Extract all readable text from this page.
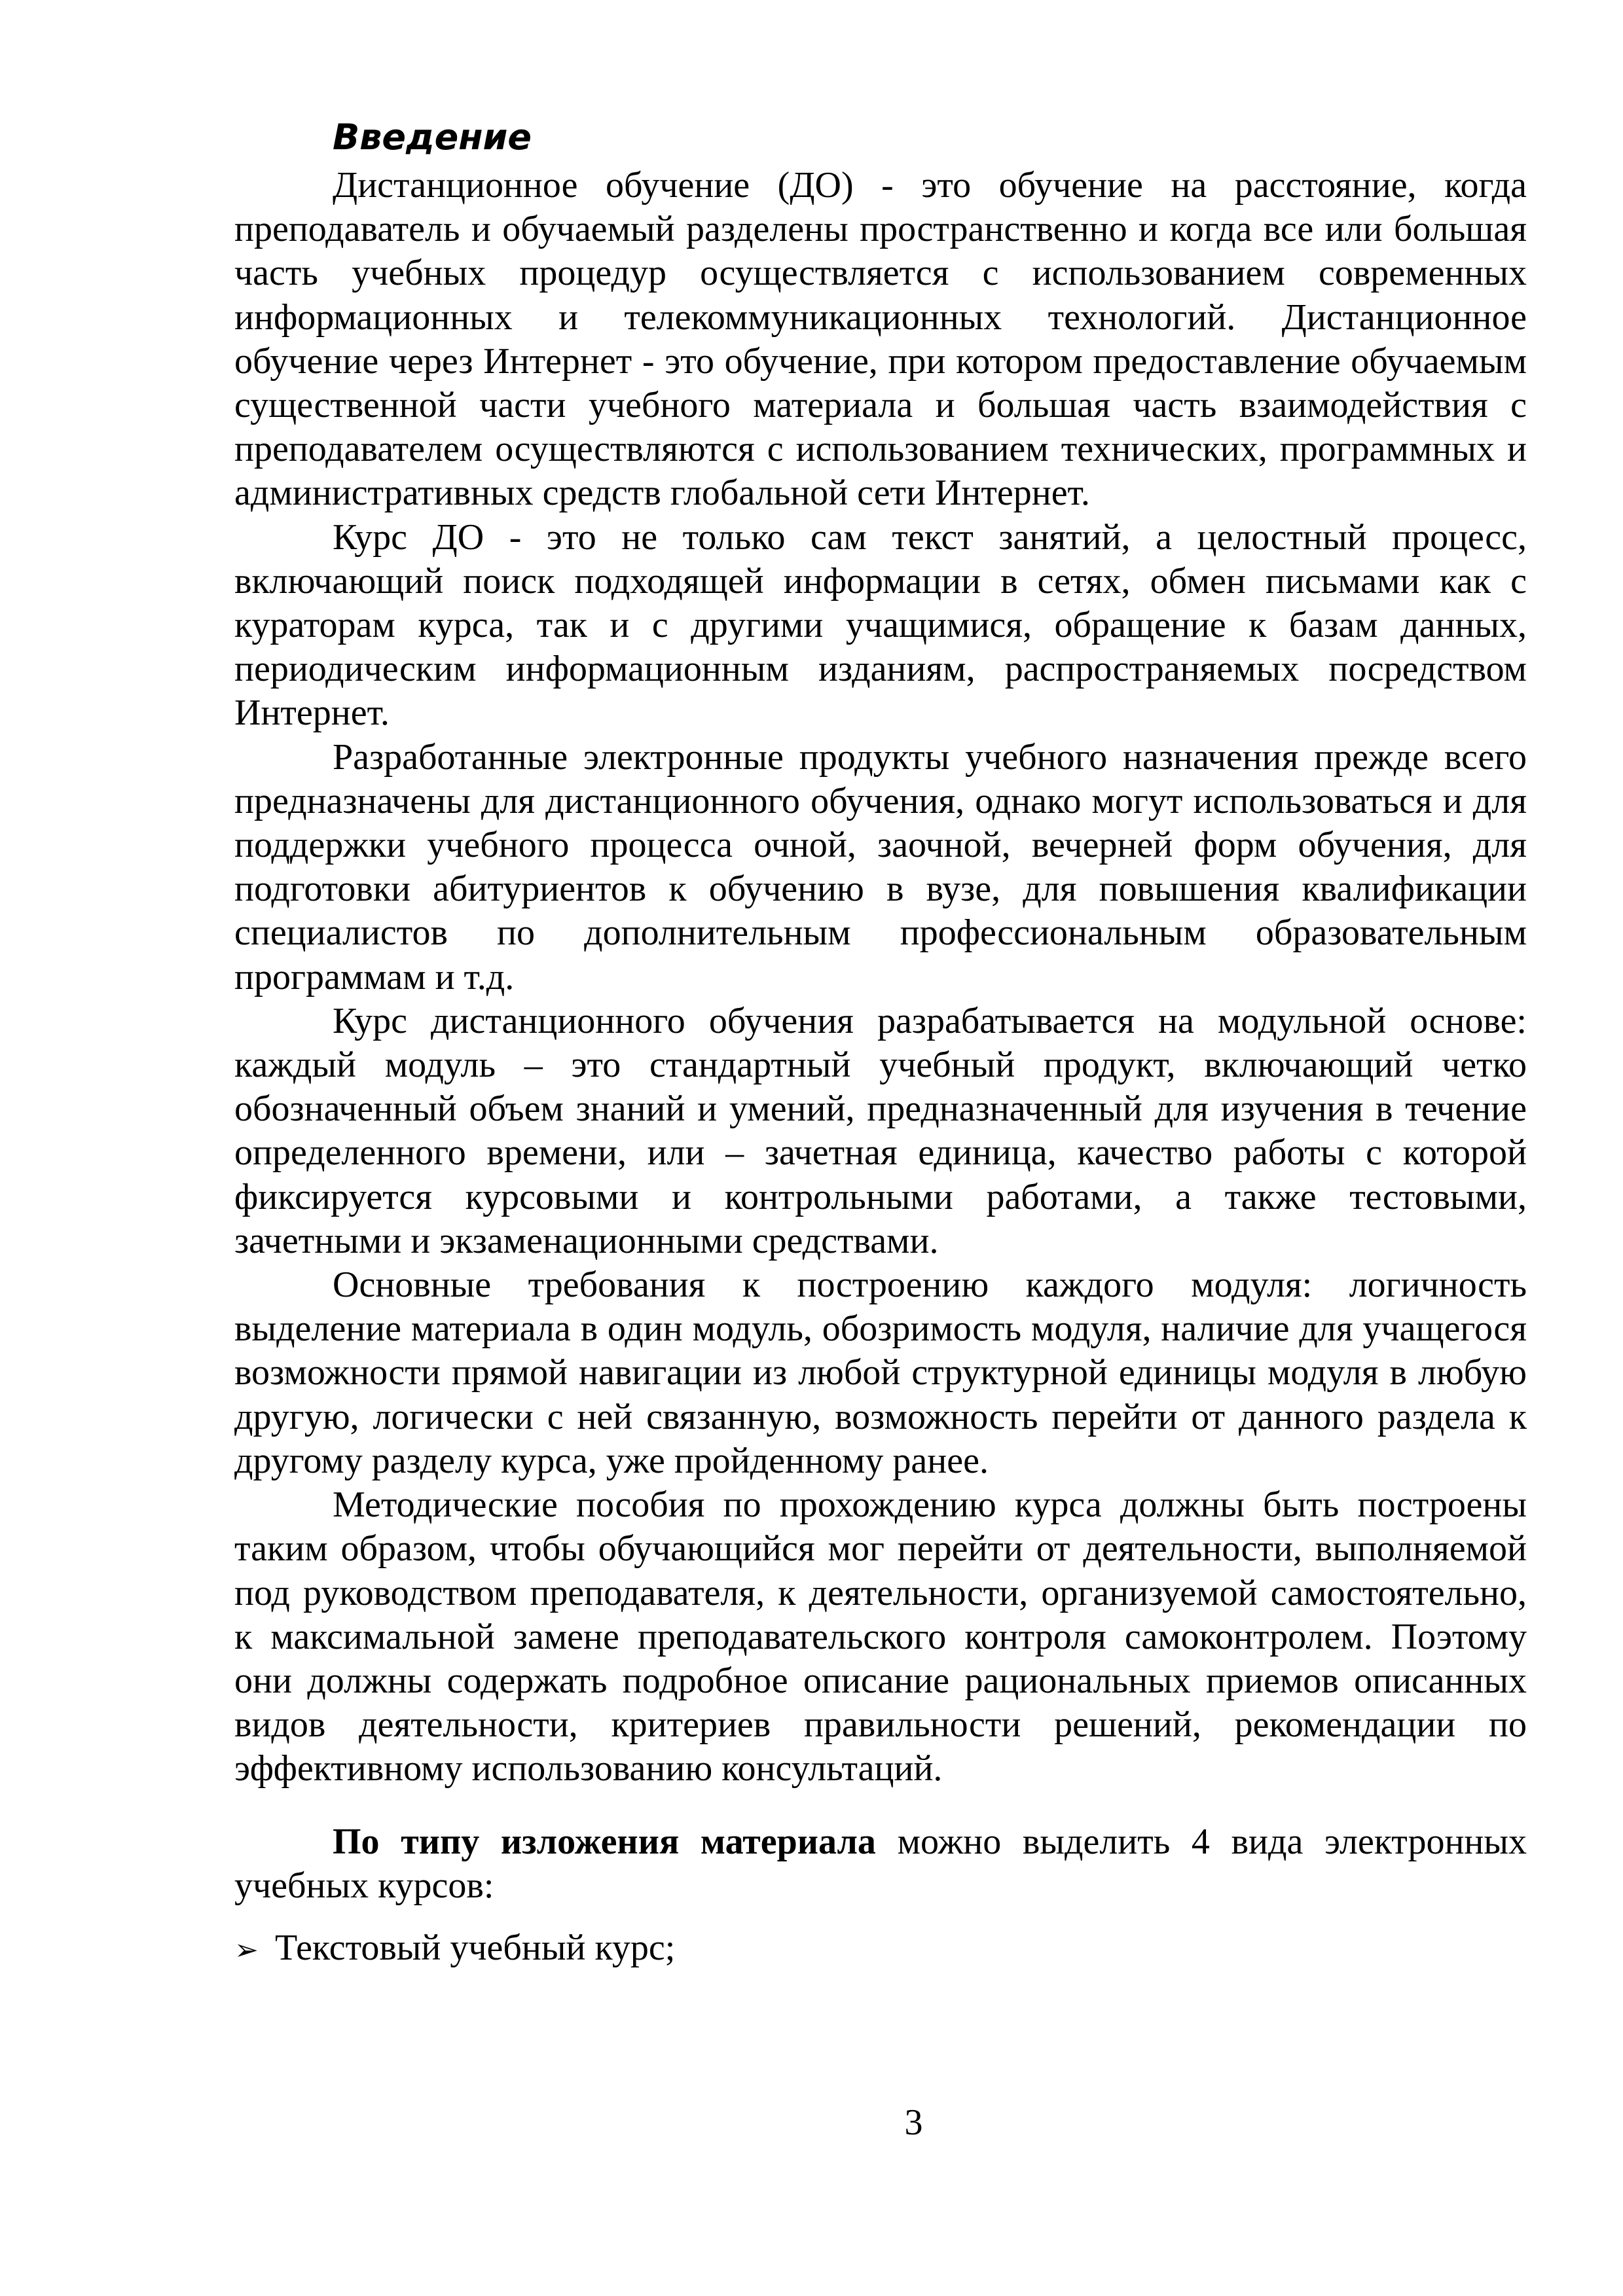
Введение

Дистанционное обучение (ДО) - это обучение на расстояние, когда преподаватель и обучаемый разделены пространственно и когда все или большая часть учебных процедур осуществляется с использованием современных информационных и телекоммуникационных технологий. Дистанционное обучение через Интернет - это обучение, при котором предоставление обучаемым существенной части учебного материала и большая часть взаимодействия с преподавателем осуществляются с использованием технических, программных и административных средств глобальной сети Интернет.

Курс ДО - это не только сам текст занятий, а целостный процесс, включающий поиск подходящей информации в сетях, обмен письмами как с кураторам курса, так и с другими учащимися, обращение к базам данных, периодическим информационным изданиям, распространяемых посредством Интернет.

Разработанные электронные продукты учебного назначения прежде всего предназначены для дистанционного обучения, однако могут использоваться и для поддержки учебного процесса очной, заочной, вечерней форм обучения, для подготовки абитуриентов к обучению в вузе, для повышения квалификации специалистов по дополнительным профессиональным образовательным программам и т.д.

Курс дистанционного обучения разрабатывается на модульной основе: каждый модуль – это стандартный учебный продукт, включающий четко обозначенный объем знаний и умений, предназначенный для изучения в течение определенного времени, или – зачетная единица, качество работы с которой фиксируется курсовыми и контрольными работами, а также тестовыми, зачетными и экзаменационными средствами.

Основные требования к построению каждого модуля: логичность выделение материала в один модуль, обозримость модуля, наличие для учащегося возможности прямой навигации из любой структурной единицы модуля в любую другую, логически с ней связанную, возможность перейти от данного раздела к другому разделу курса, уже пройденному ранее.

Методические пособия по прохождению курса должны быть построены таким образом, чтобы обучающийся мог перейти от деятельности, выполняемой под руководством преподавателя, к деятельности, организуемой самостоятельно, к максимальной замене преподавательского контроля самоконтролем. Поэтому они должны содержать подробное описание рациональных приемов описанных видов деятельности, критериев правильности решений, рекомендации по эффективному использованию консультаций.

По типу изложения материала можно выделить 4 вида электронных учебных курсов:

➢ Текстовый учебный курс;
3
